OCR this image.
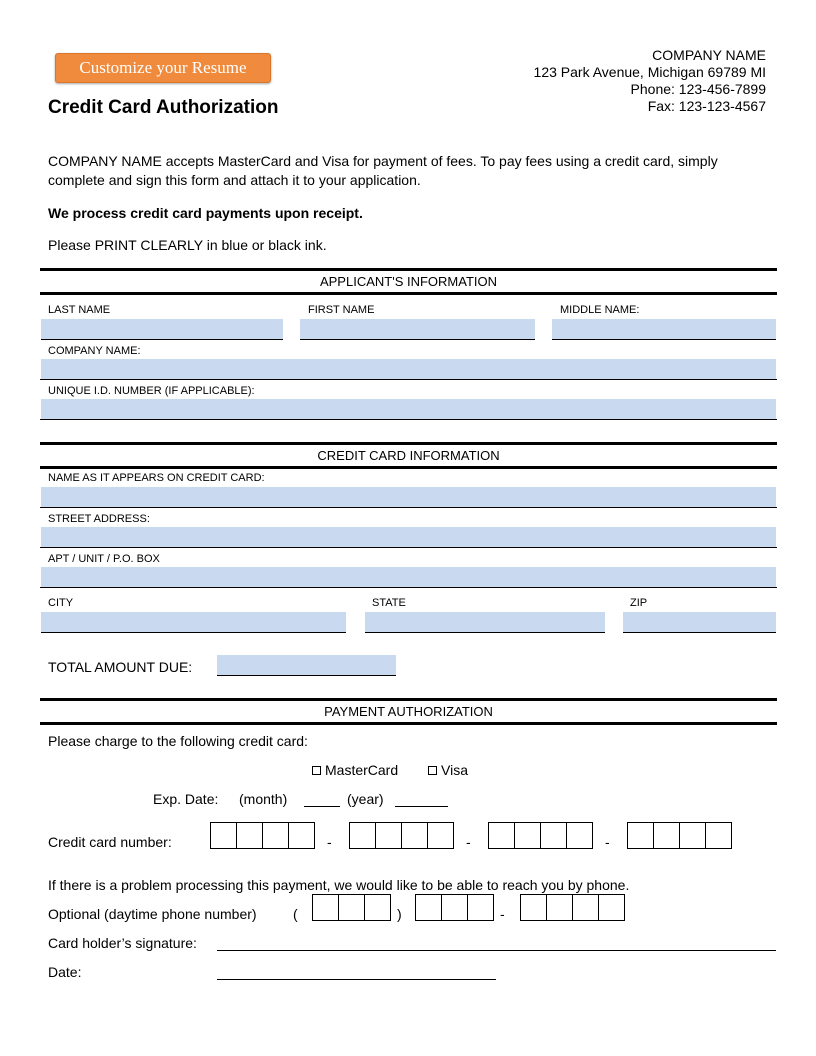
Customize your Resume
Credit Card Authorization
COMPANY NAME
123 Park Avenue, Michigan 69789 MI
Phone: 123-456-7899
Fax: 123-123-4567
COMPANY NAME accepts MasterCard and Visa for payment of fees. To pay fees using a credit card, simply
complete and sign this form and attach it to your application.
We process credit card payments upon receipt.
Please PRINT CLEARLY in blue or black ink.
APPLICANT'S INFORMATION
LAST NAME	FIRST NAME	MIDDLE NAME:
COMPANY NAME:
UNIQUE I.D. NUMBER (IF APPLICABLE):
CREDIT CARD INFORMATION
NAME AS IT APPEARS ON CREDIT CARD:
STREET ADDRESS:
APT / UNIT / P.O. BOX
CITY	STATE	ZIP
TOTAL AMOUNT DUE:
PAYMENT AUTHORIZATION
Please charge to the following credit card:
MasterCard	Visa
Exp. Date: (month)	(year)
Credit card number:	-	-	-
If there is a problem processing this payment, we would like to be able to reach you by phone.
Optional (daytime phone number)	(	)	-
Card holder’s signature:
Date:
